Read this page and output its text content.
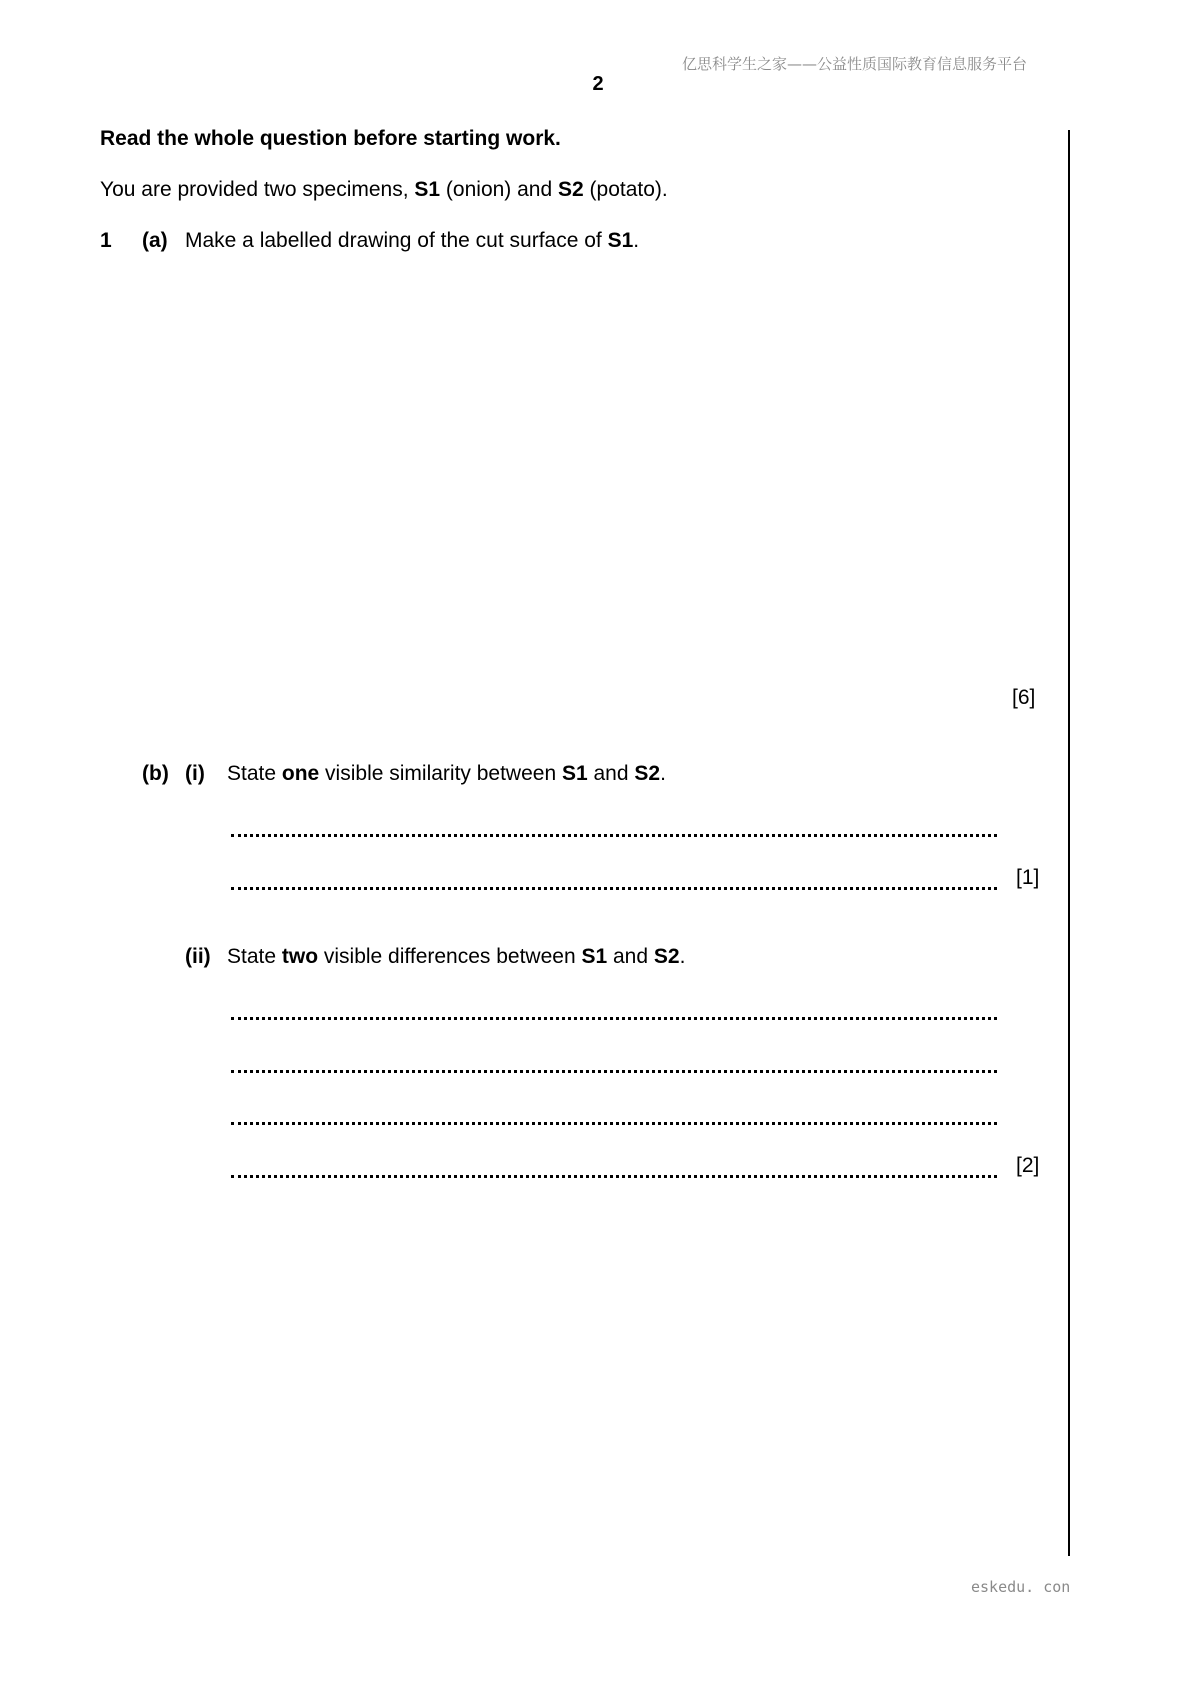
亿思科学生之家——公益性质国际教育信息服务平台
2
Read the whole question before starting work.
You are provided two specimens, S1 (onion) and S2 (potato).
1 (a) Make a labelled drawing of the cut surface of S1.
[6]
(b) (i) State one visible similarity between S1 and S2.
[1]
(ii) State two visible differences between S1 and S2.
[2]
eskedu. con
